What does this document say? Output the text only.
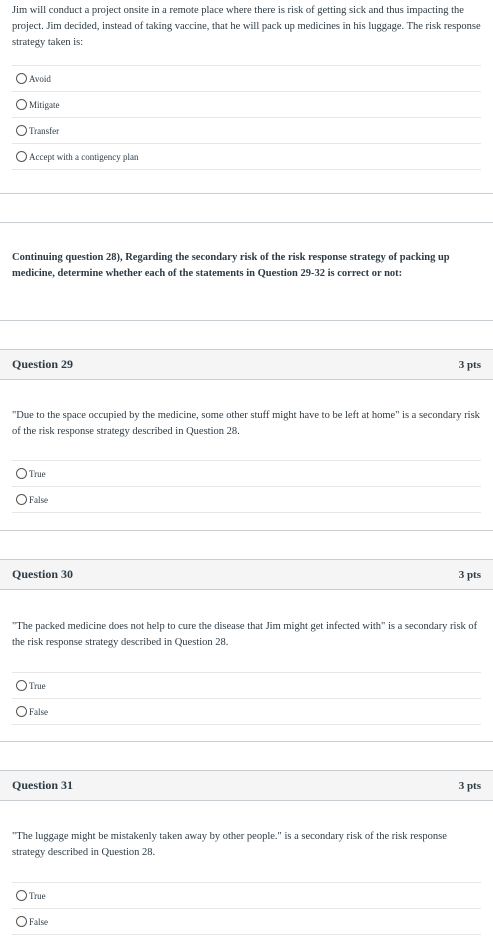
Jim will conduct a project onsite in a remote place where there is risk of getting sick and thus impacting the project. Jim decided, instead of taking vaccine, that he will pack up medicines in his luggage. The risk response strategy taken is:
Avoid
Mitigate
Transfer
Accept with a contigency plan
Continuing question 28), Regarding the secondary risk of the risk response strategy of packing up medicine, determine whether each of the statements in Question 29-32 is correct or not:
Question 29	3 pts
"Due to the space occupied by the medicine, some other stuff might have to be left at home" is a secondary risk of the risk response strategy described in Question 28.
True
False
Question 30	3 pts
"The packed medicine does not help to cure the disease that Jim might get infected with" is a secondary risk of the risk response strategy described in Question 28.
True
False
Question 31	3 pts
"The luggage might be mistakenly taken away by other people." is a secondary risk of the risk response strategy described in Question 28.
True
False
